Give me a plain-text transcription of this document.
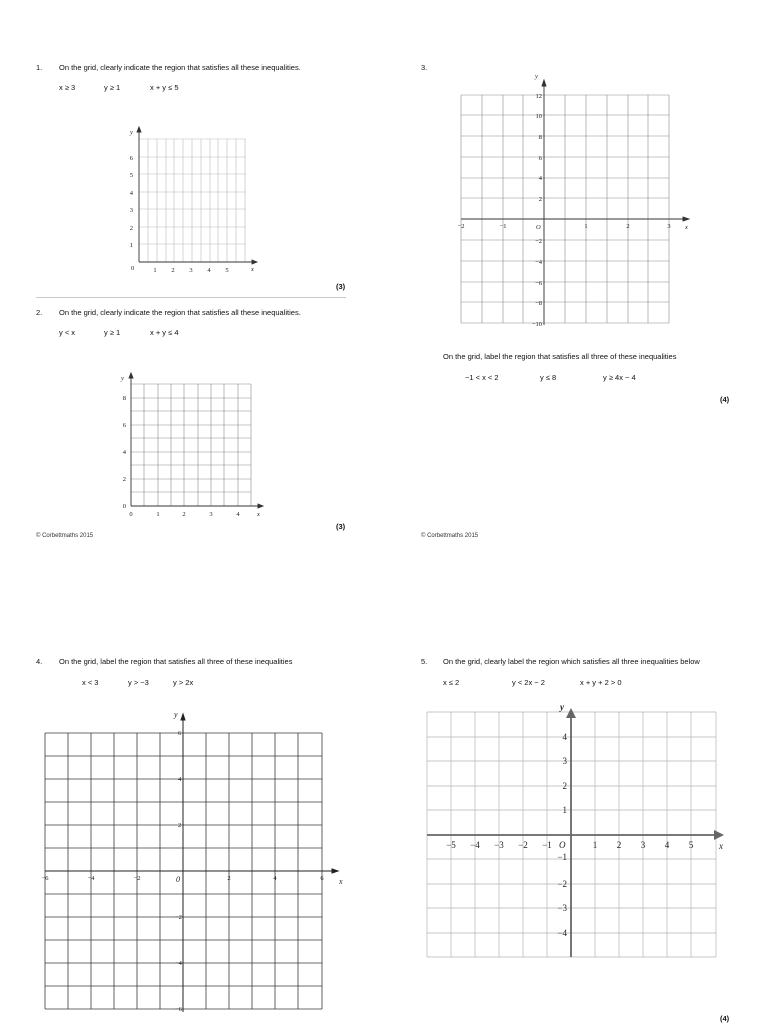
1. On the grid, clearly indicate the region that satisfies all these inequalities.
x ≥ 3	y ≥ 1	x + y ≤ 5
y
x
0	1 2 3 4 5
1
2
3
4
5
6
(3)
2. On the grid, clearly indicate the region that satisfies all these inequalities.
y < x	y ≥ 1	x + y ≤ 4
y
x
0	1	2	3	4
0
2
4
6
8
(3)
© Corbettmaths 2015
3.
y
x
O
−2	−1	1	2	3
2
4
6
8
10
12
−2
−4
−6
−8
−10
On the grid, label the region that satisfies all three of these inequalities
−1 < x < 2	y ≤ 8	y ≥ 4x − 4
(4)
© Corbettmaths 2015
4. On the grid, label the region that satisfies all three of these inequalities
x < 3	y > −3	y > 2x
y
x
0
−6	−4	−2	2	4	6
2
4
6
−2
−4
−6
5. On the grid, clearly label the region which satisfies all three inequalities below
x ≤ 2	y < 2x − 2	x + y + 2 > 0
y
x
O
−5 −4 −3 −2 −1	1 2 3 4 5
1
2
3
4
−1
−2
−3
−4
(4)
